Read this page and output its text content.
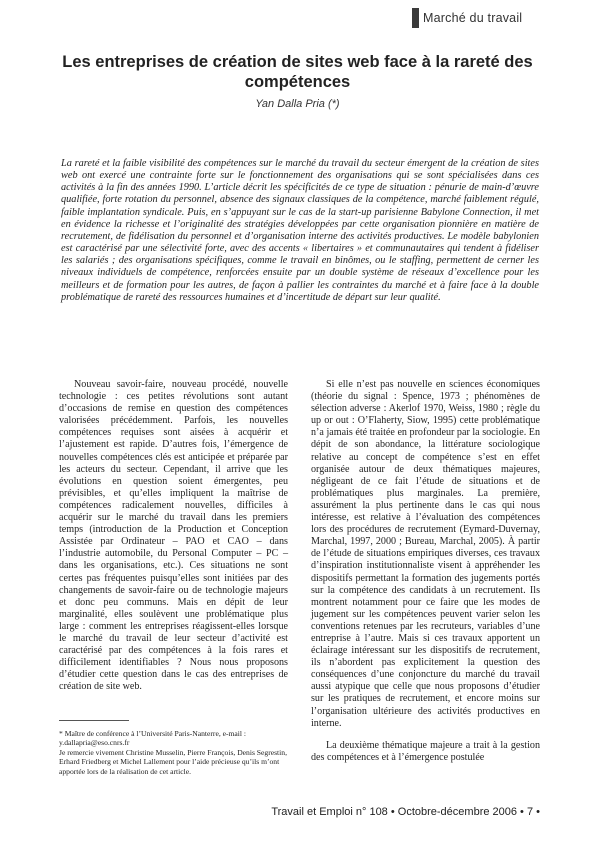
Marché du travail
Les entreprises de création de sites web face à la rareté des compétences
Yan Dalla Pria (*)

La rareté et la faible visibilité des compétences sur le marché du travail du secteur émergent de la création de sites web ont exercé une contrainte forte sur le fonctionnement des organisations qui se sont spécialisées dans ces activités à la fin des années 1990. L’article décrit les spécificités de ce type de situation : pénurie de main-d’œuvre qualifiée, forte rotation du personnel, absence des signaux classiques de la compétence, marché faiblement régulé, faible implantation syndicale. Puis, en s’appuyant sur le cas de la start-up parisienne Babylone Connection, il met en évidence la richesse et l’originalité des stratégies développées par cette organisation pionnière en matière de recrutement, de fidélisation du personnel et d’organisation interne des activités productives. Le modèle babylonien est caractérisé par une sélectivité forte, avec des accents « libertaires » et communautaires qui tendent à fidéliser les salariés ; des organisations spécifiques, comme le travail en binômes, ou le staffing, permettent de cerner les niveaux individuels de compétence, renforcées ensuite par un double système de réseaux d’excellence pour les meilleurs et de formation pour les autres, de façon à pallier les contraintes du marché et à faire face à la double problématique de rareté des ressources humaines et d’incertitude de départ sur leur qualité.

Nouveau savoir-faire, nouveau procédé, nouvelle technologie : ces petites révolutions sont autant d’occasions de remise en question des compétences valorisées précédemment. Parfois, les nouvelles compétences requises sont aisées à acquérir et l’ajustement est rapide. D’autres fois, l’émergence de nouvelles compétences clés est anticipée et préparée par les acteurs du secteur. Cependant, il arrive que les évolutions en question soient émergentes, peu prévisibles, et qu’elles impliquent la maîtrise de compétences radicalement nouvelles, difficiles à acquérir sur le marché du travail dans les premiers temps (introduction de la Production et Conception Assistée par Ordinateur – PAO et CAO – dans l’industrie automobile, du Personal Computer – PC – dans les organisations, etc.). Ces situations ne sont certes pas fréquentes puisqu’elles sont initiées par des changements de savoir-faire ou de technologie majeurs et donc peu communs. Mais en dépit de leur marginalité, elles soulèvent une problématique plus large : comment les entreprises réagissent-elles lorsque le marché du travail de leur secteur d’activité est caractérisé par des compétences à la fois rares et difficilement identifiables ? Nous nous proposons d’étudier cette question dans le cas des entreprises de création de site web.

Si elle n’est pas nouvelle en sciences économiques (théorie du signal : Spence, 1973 ; phénomènes de sélection adverse : Akerlof 1970, Weiss, 1980 ; règle du up or out : O’Flaherty, Siow, 1995) cette problématique n’a jamais été traitée en profondeur par la sociologie. En dépit de son abondance, la littérature sociologique relative au concept de compétence s’est en effet organisée autour de deux thématiques majeures, négligeant de ce fait l’étude de situations et de problématiques plus marginales. La première, assurément la plus pertinente dans le cas qui nous intéresse, est relative à l’évaluation des compétences lors des procédures de recrutement (Eymard-Duvernay, Marchal, 1997, 2000 ; Bureau, Marchal, 2005). À partir de l’étude de situations empiriques diverses, ces travaux d’inspiration institutionnaliste visent à appréhender les dispositifs permettant la formation des jugements portés sur la compétence des candidats à un recrutement. Ils montrent notamment pour ce faire que les modes de jugement sur les compétences peuvent varier selon les conventions retenues par les recruteurs, variables d’une entreprise à l’autre. Mais si ces travaux apportent un éclairage intéressant sur les dispositifs de recrutement, ils n’abordent pas explicitement la question des conséquences d’une conjoncture du marché du travail aussi atypique que celle que nous proposons d’étudier sur les pratiques de recrutement, et encore moins sur l’organisation ultérieure des activités productives en interne.

La deuxième thématique majeure a trait à la gestion des compétences et à l’émergence postulée

* Maître de conférence à l’Université Paris-Nanterre, e-mail : y.dallapria@eso.cnrs.fr

Je remercie vivement Christine Musselin, Pierre François, Denis Segrestin, Erhard Friedberg et Michel Lallement pour l’aide précieuse qu’ils m’ont apportée lors de la réalisation de cet article.

Travail et Emploi n° 108 • Octobre-décembre 2006 • 7 •
